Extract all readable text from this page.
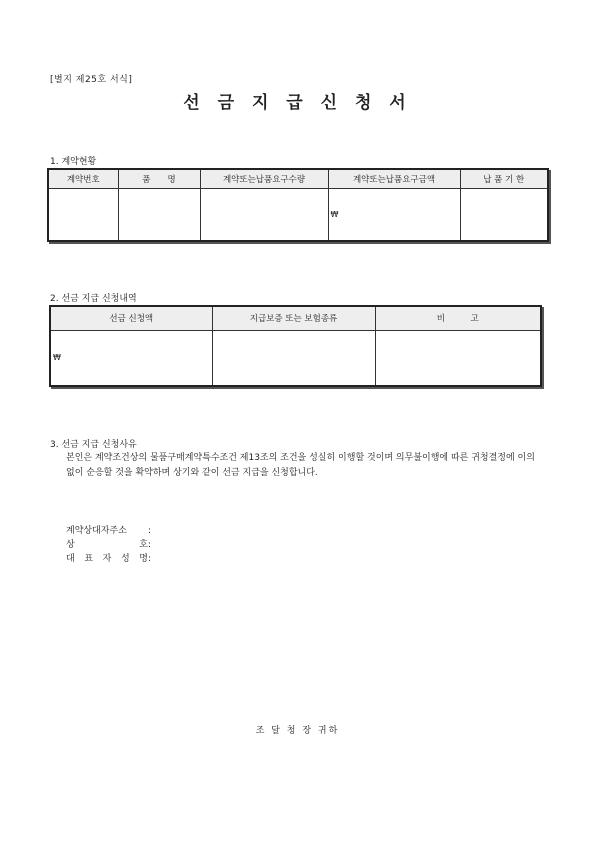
[별지 제25호 서식]
선 금 지 급 신 청 서
1. 계약현황
계약번호	품　　명	계약또는납품요구수량	계약또는납품요구금액	납 품 기 한
			₩	
2. 선금 지급 신청내역
선금 신청액	지급보증 또는 보험종류	비　　　고
₩		
3. 선금 지급 신청사유
본인은 계약조건상의 물품구매계약특수조건 제13조의 조건을 성실히 이행할 것이며 의무불이행에 따른 귀청결정에 이의 없이 순응할 것을 확약하며 상기와 같이 선금 지급을 신청합니다.
계약상대자주소	:
상	호 :
대 표 자 성 명 :
조 달 청 장 귀하
